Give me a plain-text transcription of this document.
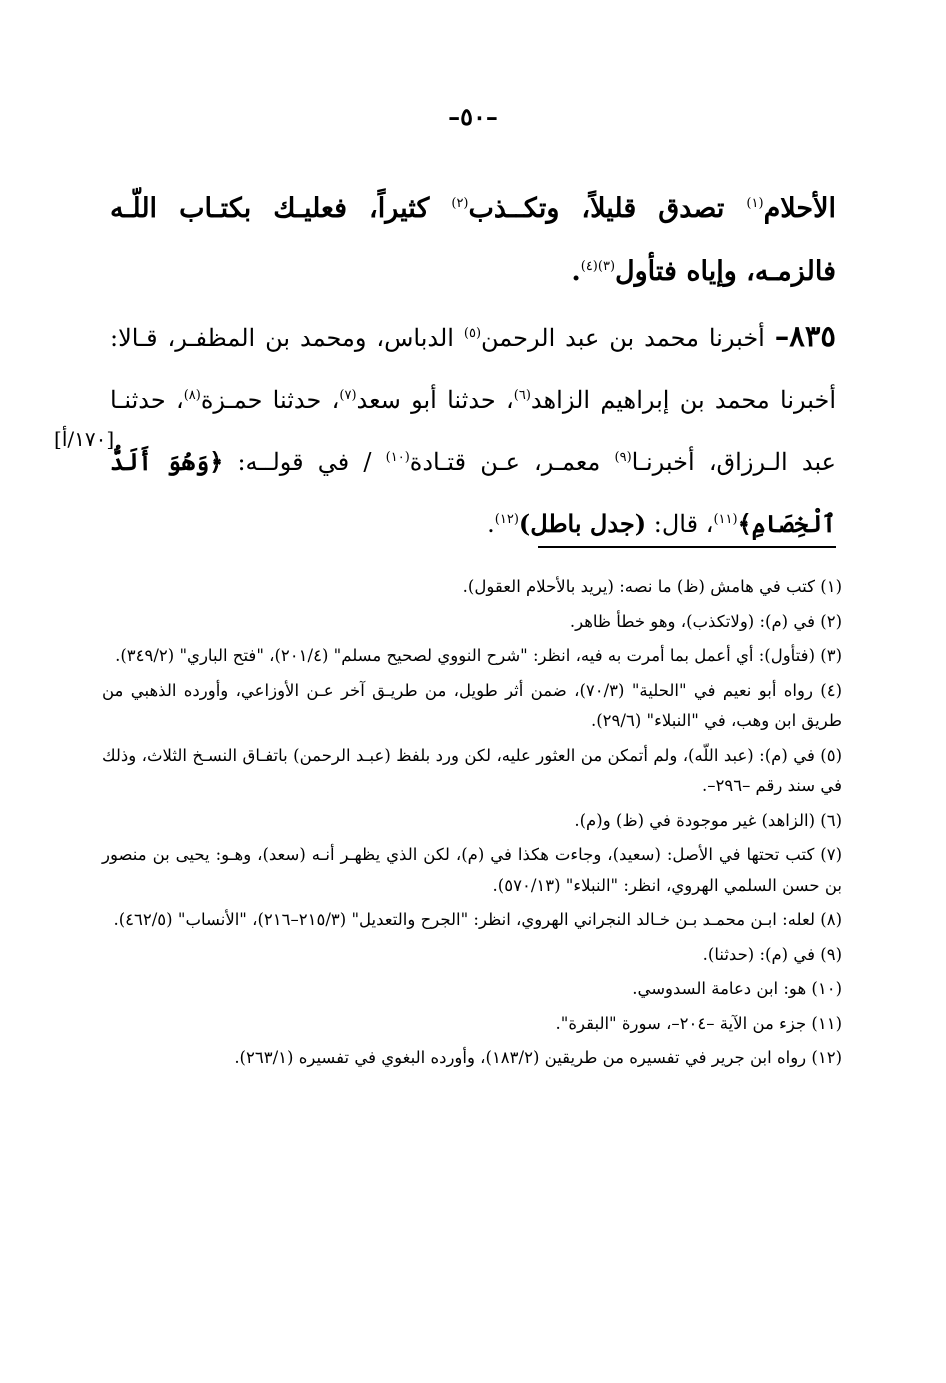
–٥٠–
الأحلام$^{(١)}$ تصدق قليلاً، وتكــذب$^{(٢)}$ كثيراً، فعليـك بكتـاب اللّـه فالزمـه، وإياه فتأول$^{(٣)(٤)}$.
٨٣٥– أخبرنا محمد بن عبد الرحمن$^{(٥)}$ الدباس، ومحمد بن المظفـر، قـالا: أخبرنا محمد بن إبراهيم الزاهد$^{(٦)}$، حدثنا أبو سعد$^{(٧)}$، حدثنا حمـزة$^{(٨)}$، حدثنـا عبد الـرزاق، أخبرنـا$^{(٩)}$ معمـر، عـن قتـادة$^{(١٠)}$ / في قولــه: ﴿وَهُوَ أَلَدُّ ٱلْخِصَامِ﴾$^{(١١)}$، قال: (جدل باطل)$^{(١٢)}$.
[١٧٠/أ]
(١) كتب في هامش (ظ) ما نصه: (يريد بالأحلام العقول).
(٢) في (م): (ولاتكذب)، وهو خطأ ظاهر.
(٣) (فتأول): أي أعمل بما أمرت به فيه، انظر: "شرح النووي لصحيح مسلم" (٢٠١/٤)، "فتح الباري" (٣٤٩/٢).
(٤) رواه أبو نعيم في "الحلية" (٧٠/٣)، ضمن أثر طويل، من طريـق آخر عـن الأوزاعي، وأورده الذهبي من طريق ابن وهب، في "النبلاء" (٢٩/٦).
(٥) في (م): (عبد اللّه)، ولم أتمكن من العثور عليه، لكن ورد بلفظ (عبـد الرحمن) باتفـاق النسـخ الثلاث، وذلك في سند رقم –٢٩٦–.
(٦) (الزاهد) غير موجودة في (ظ) و(م).
(٧) كتب تحتها في الأصل: (سعيد)، وجاءت هكذا في (م)، لكن الذي يظهـر أنـه (سعد)، وهـو: يحيى بن منصور بن حسن السلمي الهروي، انظر: "النبلاء" (٥٧٠/١٣).
(٨) لعله: ابـن محمـد بـن خـالد النجراني الهروي، انظر: "الجرح والتعديل" (٢١٥/٣–٢١٦)، "الأنساب" (٤٦٢/٥).
(٩) في (م): (حدثنا).
(١٠) هو: ابن دعامة السدوسي.
(١١) جزء من الآية –٢٠٤–، سورة "البقرة".
(١٢) رواه ابن جرير في تفسيره من طريقين (١٨٣/٢)، وأورده البغوي في تفسيره (٢٦٣/١).
